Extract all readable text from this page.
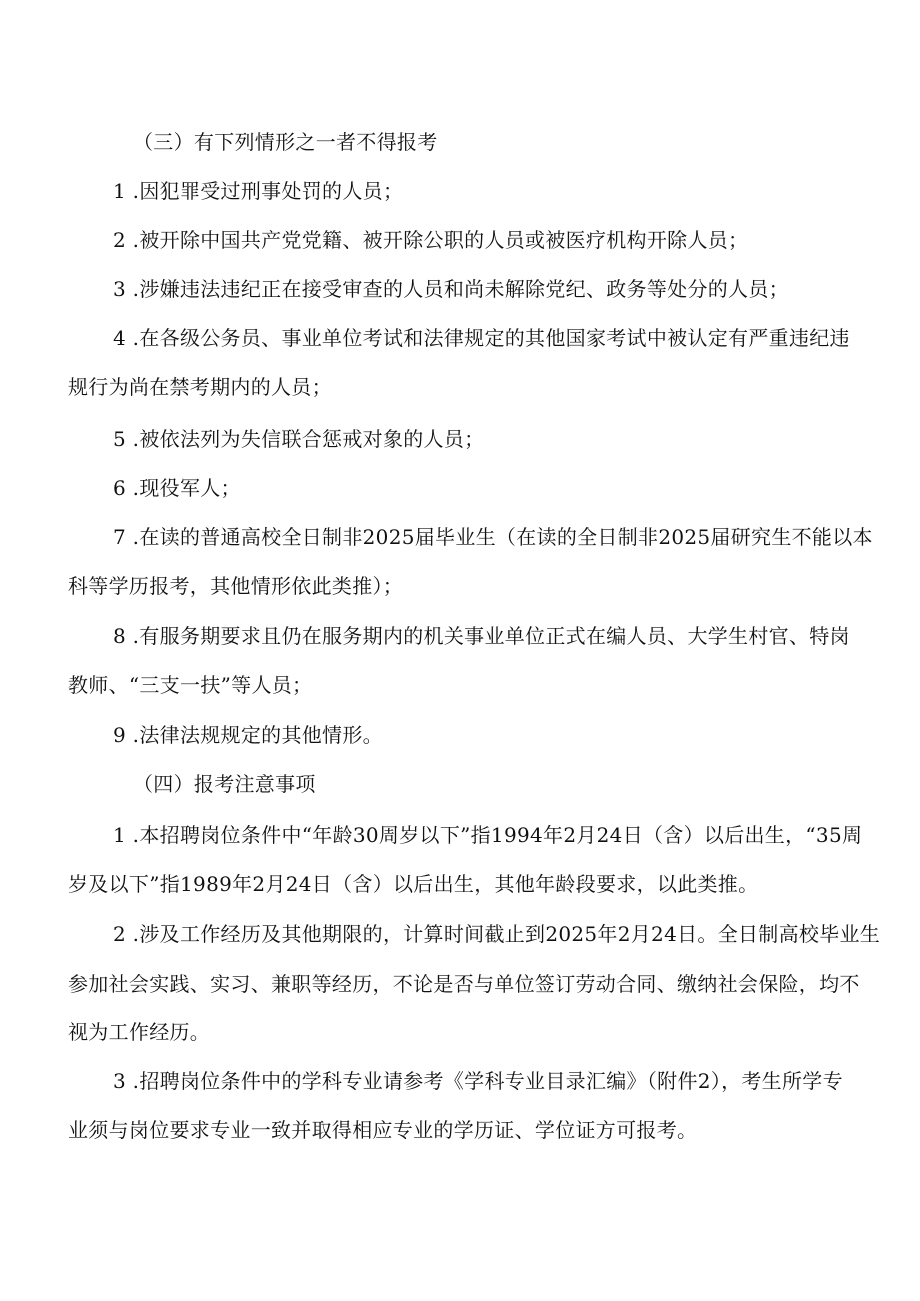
（三）有下列情形之一者不得报考
1 .因犯罪受过刑事处罚的人员；
2 .被开除中国共产党党籍、被开除公职的人员或被医疗机构开除人员；
3 .涉嫌违法违纪正在接受审查的人员和尚未解除党纪、政务等处分的人员；
4 .在各级公务员、事业单位考试和法律规定的其他国家考试中被认定有严重违纪违
规行为尚在禁考期内的人员；
5 .被依法列为失信联合惩戒对象的人员；
6 .现役军人；
7 .在读的普通高校全日制非2025届毕业生（在读的全日制非2025届研究生不能以本
科等学历报考，其他情形依此类推）；
8 .有服务期要求且仍在服务期内的机关事业单位正式在编人员、大学生村官、特岗
教师、“三支一扶”等人员；
9 .法律法规规定的其他情形。
（四）报考注意事项
1 .本招聘岗位条件中“年龄30周岁以下”指1994年2月24日（含）以后出生，“35周
岁及以下”指1989年2月24日（含）以后出生，其他年龄段要求，以此类推。
2 .涉及工作经历及其他期限的，计算时间截止到2025年2月24日。全日制高校毕业生
参加社会实践、实习、兼职等经历，不论是否与单位签订劳动合同、缴纳社会保险，均不
视为工作经历。
3 .招聘岗位条件中的学科专业请参考《学科专业目录汇编》（附件2），考生所学专
业须与岗位要求专业一致并取得相应专业的学历证、学位证方可报考。
